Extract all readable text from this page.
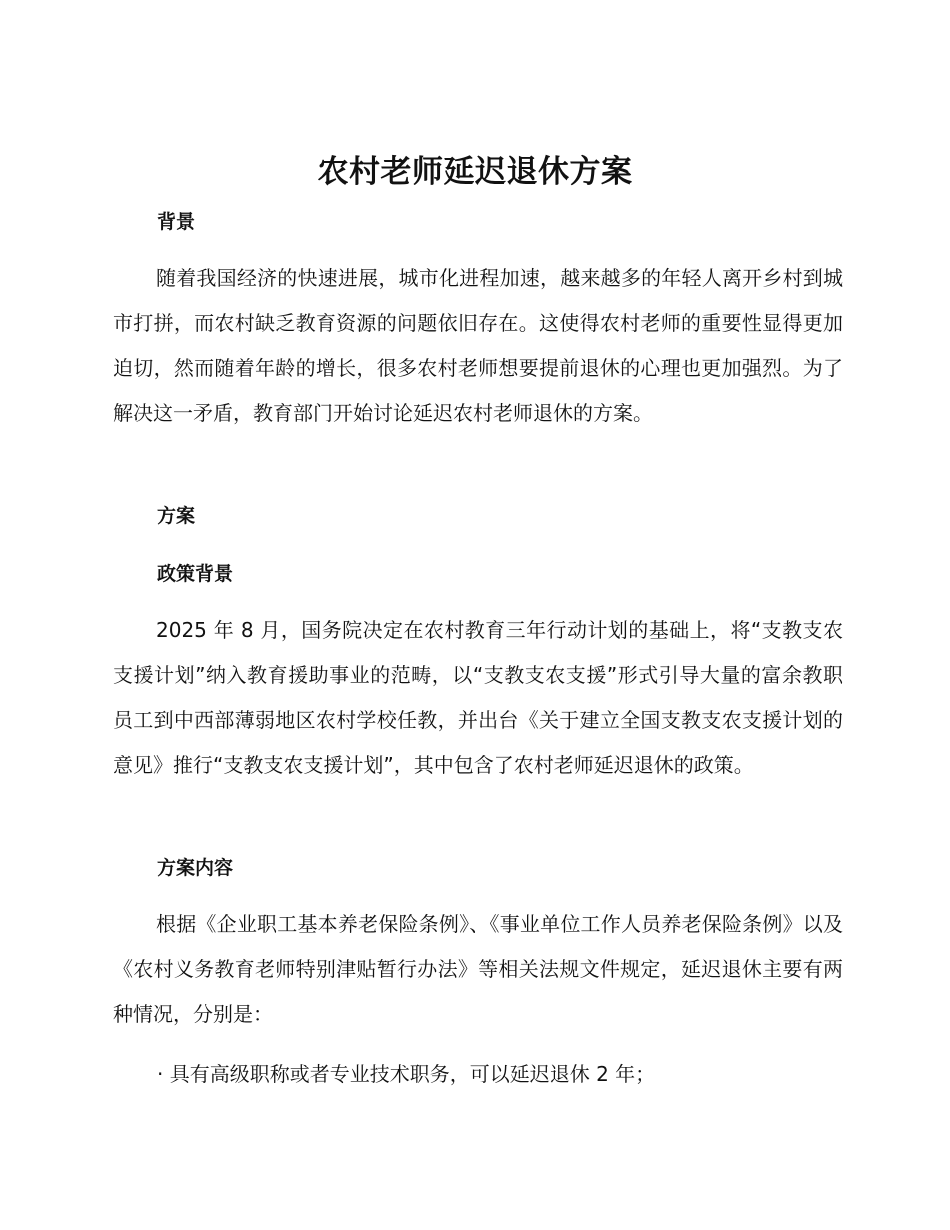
农村老师延迟退休方案
背景

随着我国经济的快速进展，城市化进程加速，越来越多的年轻人离开乡村到城市打拼，而农村缺乏教育资源的问题依旧存在。这使得农村老师的重要性显得更加迫切，然而随着年龄的增长，很多农村老师想要提前退休的心理也更加强烈。为了解决这一矛盾，教育部门开始讨论延迟农村老师退休的方案。

方案
政策背景

2025 年 8 月，国务院决定在农村教育三年行动计划的基础上，将“支教支农支援计划”纳入教育援助事业的范畴，以“支教支农支援”形式引导大量的富余教职员工到中西部薄弱地区农村学校任教，并出台《关于建立全国支教支农支援计划的意见》推行“支教支农支援计划”，其中包含了农村老师延迟退休的政策。

方案内容

根据《企业职工基本养老保险条例》、《事业单位工作人员养老保险条例》以及《农村义务教育老师特别津贴暂行办法》等相关法规文件规定，延迟退休主要有两种情况，分别是：

· 具有高级职称或者专业技术职务，可以延迟退休 2 年；
